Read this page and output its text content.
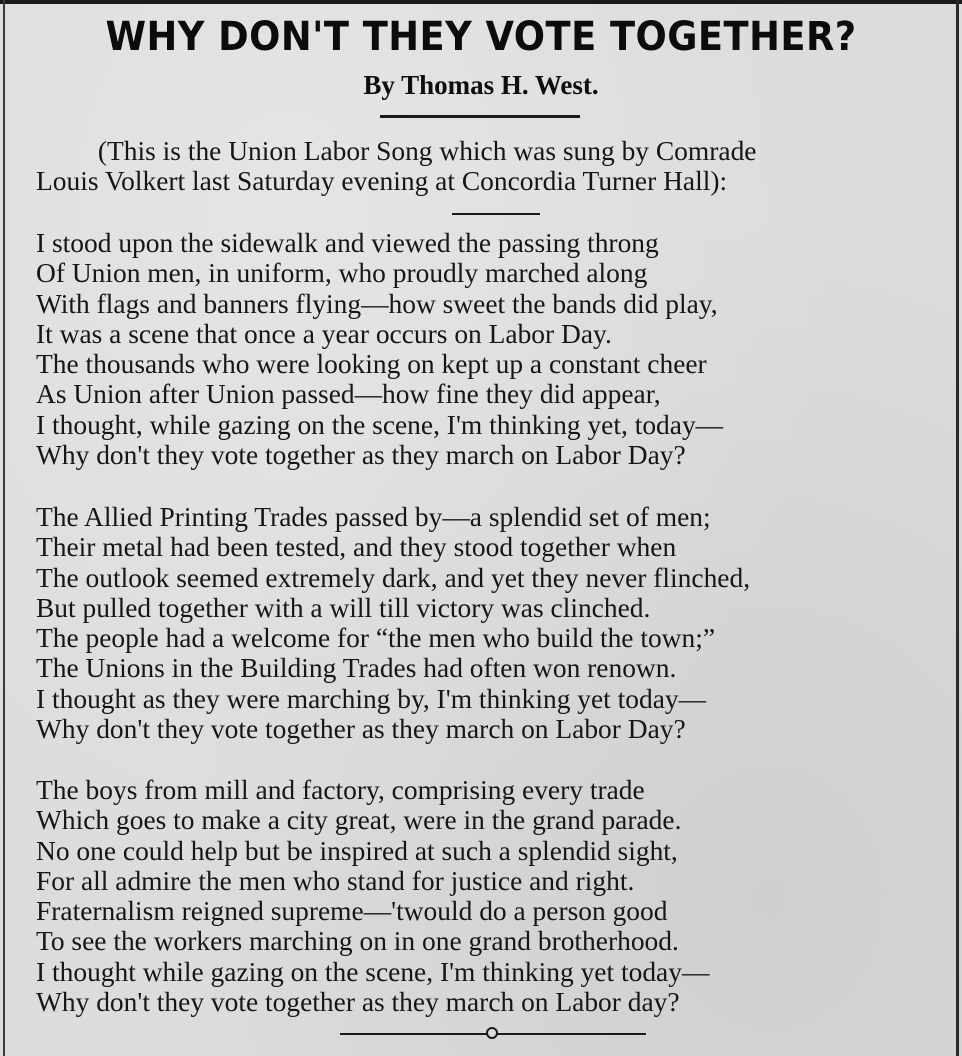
WHY DON'T THEY VOTE TOGETHER?
By Thomas H. West.
(This is the Union Labor Song which was sung by Comrade Louis Volkert last Saturday evening at Concordia Turner Hall):
I stood upon the sidewalk and viewed the passing throng Of Union men, in uniform, who proudly marched along With flags and banners flying—how sweet the bands did play, It was a scene that once a year occurs on Labor Day. The thousands who were looking on kept up a constant cheer As Union after Union passed—how fine they did appear, I thought, while gazing on the scene, I'm thinking yet, today— Why don't they vote together as they march on Labor Day?
The Allied Printing Trades passed by—a splendid set of men; Their metal had been tested, and they stood together when The outlook seemed extremely dark, and yet they never flinched, But pulled together with a will till victory was clinched. The people had a welcome for “the men who build the town;” The Unions in the Building Trades had often won renown. I thought as they were marching by, I'm thinking yet today— Why don't they vote together as they march on Labor Day?
The boys from mill and factory, comprising every trade Which goes to make a city great, were in the grand parade. No one could help but be inspired at such a splendid sight, For all admire the men who stand for justice and right. Fraternalism reigned supreme—'twould do a person good To see the workers marching on in one grand brotherhood. I thought while gazing on the scene, I'm thinking yet today— Why don't they vote together as they march on Labor day?
